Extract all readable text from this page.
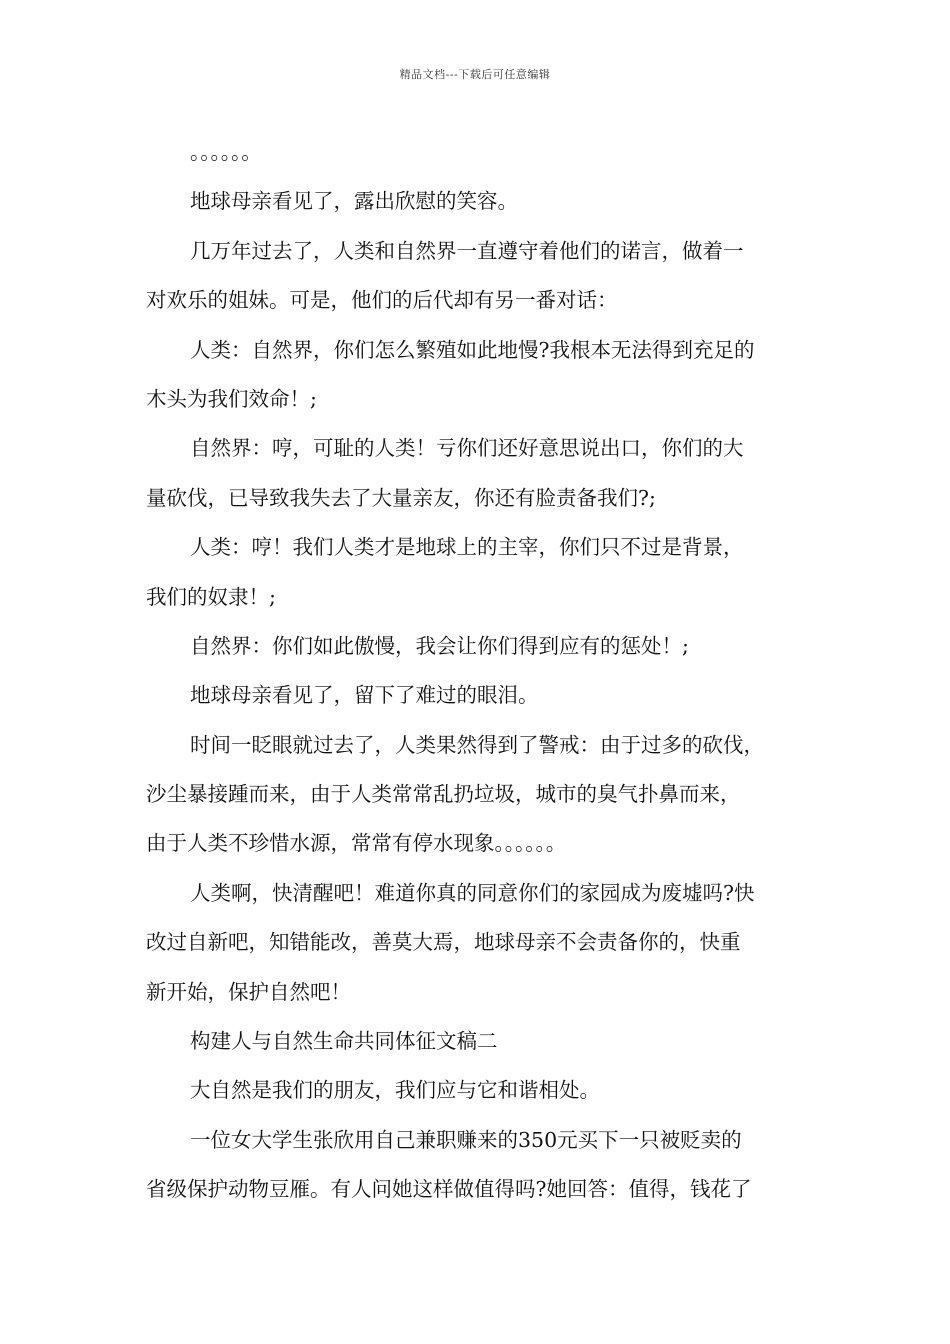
精品文档---下载后可任意编辑
。。。。。。
地球母亲看见了，露出欣慰的笑容。
几万年过去了，人类和自然界一直遵守着他们的诺言，做着一
对欢乐的姐妹。可是，他们的后代却有另一番对话：
人类：自然界，你们怎么繁殖如此地慢?我根本无法得到充足的
木头为我们效命！;
自然界：哼，可耻的人类！亏你们还好意思说出口，你们的大
量砍伐，已导致我失去了大量亲友，你还有脸责备我们?;
人类：哼！我们人类才是地球上的主宰，你们只不过是背景，
我们的奴隶！;
自然界：你们如此傲慢，我会让你们得到应有的惩处！;
地球母亲看见了，留下了难过的眼泪。
时间一眨眼就过去了，人类果然得到了警戒：由于过多的砍伐，
沙尘暴接踵而来，由于人类常常乱扔垃圾，城市的臭气扑鼻而来，
由于人类不珍惜水源，常常有停水现象。。。。。。
人类啊，快清醒吧！难道你真的同意你们的家园成为废墟吗?快
改过自新吧，知错能改，善莫大焉，地球母亲不会责备你的，快重
新开始，保护自然吧！
构建人与自然生命共同体征文稿二
大自然是我们的朋友，我们应与它和谐相处。
一位女大学生张欣用自己兼职赚来的350元买下一只被贬卖的
省级保护动物豆雁。有人问她这样做值得吗?她回答：值得，钱花了
